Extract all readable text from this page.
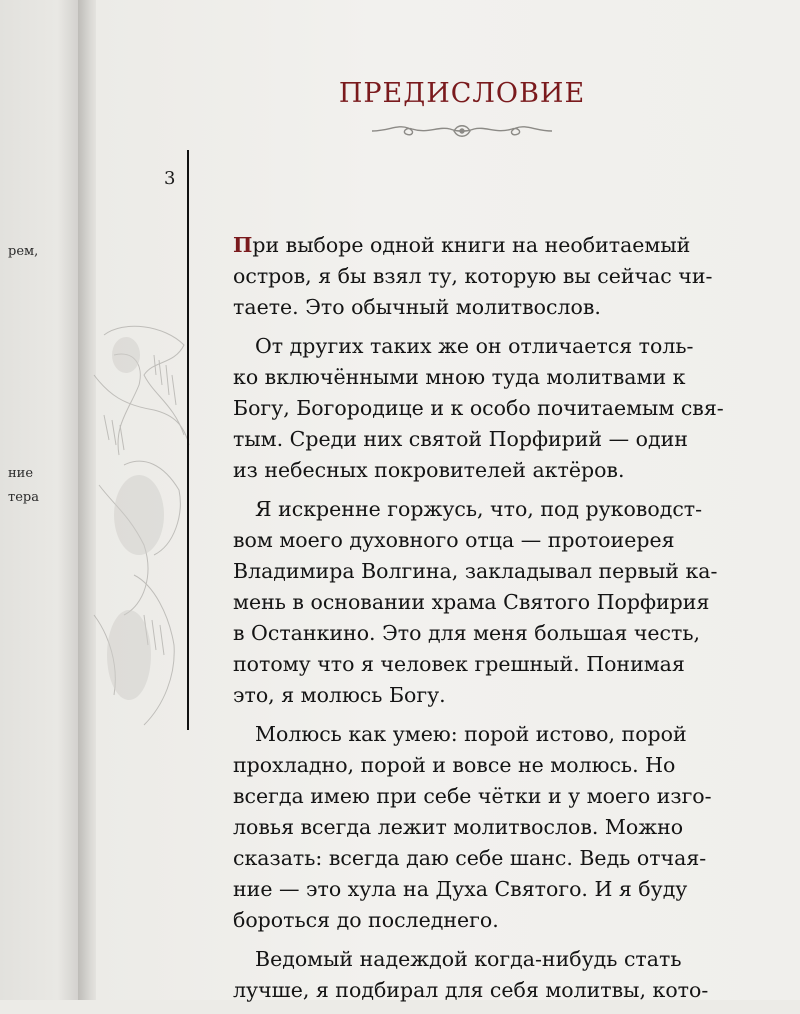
рем,
ние
тера

ПРЕДИСЛОВИЕ
3

При выборе одной книги на необитаемый
остров, я бы взял ту, которую вы сейчас чи-
таете. Это обычный молитвослов.

От других таких же он отличается толь-
ко включёнными мною туда молитвами к
Богу, Богородице и к особо почитаемым свя-
тым. Среди них святой Порфирий — один
из небесных покровителей актёров.

Я искренне горжусь, что, под руководст-
вом моего духовного отца — протоиерея
Владимира Волгина, закладывал первый ка-
мень в основании храма Святого Порфирия
в Останкино. Это для меня большая честь,
потому что я человек грешный. Понимая
это, я молюсь Богу.

Молюсь как умею: порой истово, порой
прохладно, порой и вовсе не молюсь. Но
всегда имею при себе чётки и у моего изго-
ловья всегда лежит молитвослов. Можно
сказать: всегда даю себе шанс. Ведь отчая-
ние — это хула на Духа Святого. И я буду
бороться до последнего.

Ведомый надеждой когда-нибудь стать
лучше, я подбирал для себя молитвы, кото-
